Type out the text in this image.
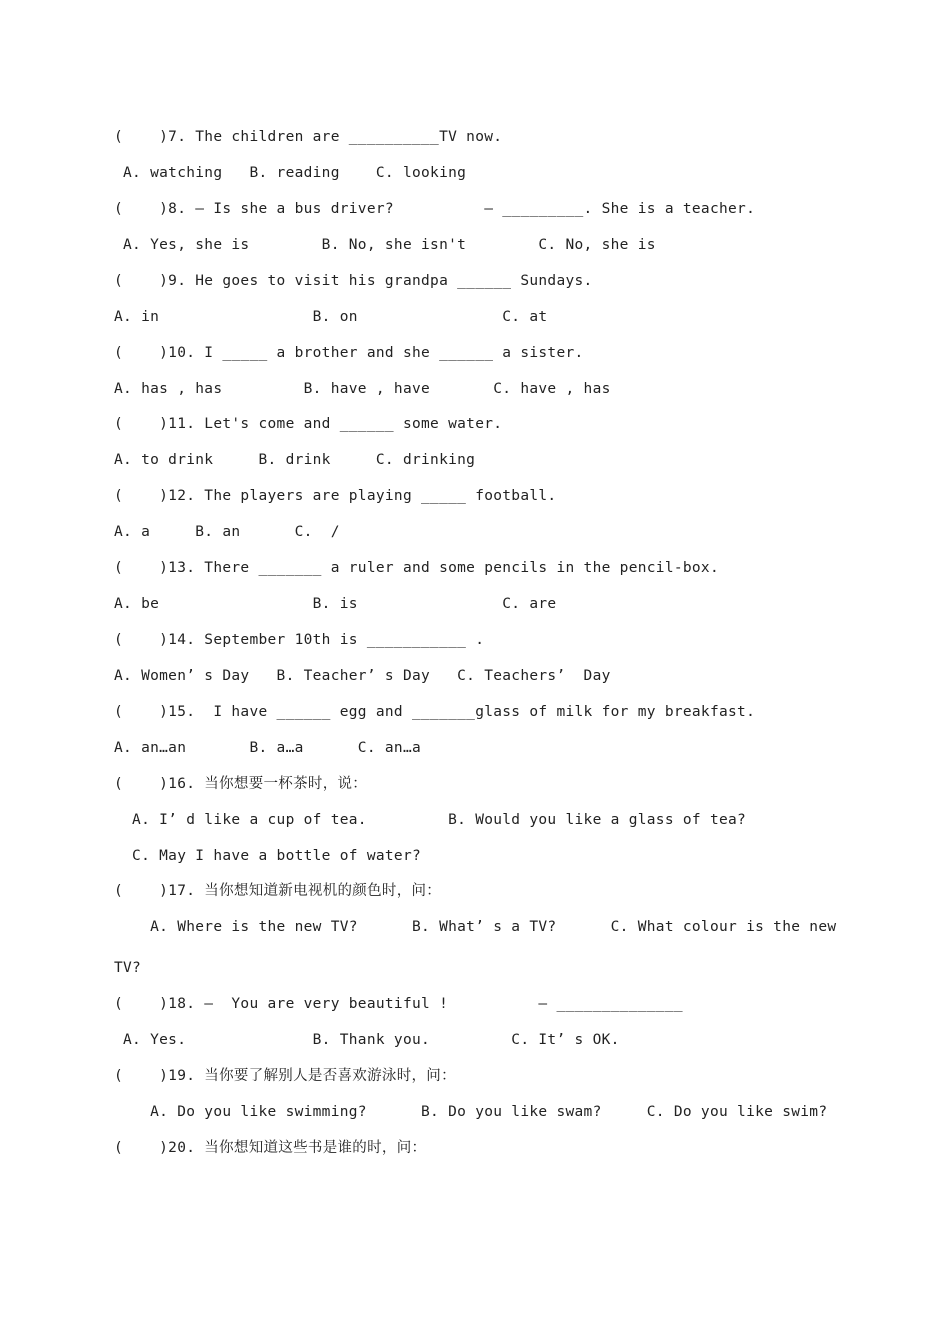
(    )7. The children are __________TV now.
A. watching   B. reading    C. looking
(    )8. — Is she a bus driver?          — _________. She is a teacher.
A. Yes, she is        B. No, she isn't        C. No, she is
(    )9. He goes to visit his grandpa ______ Sundays.
A. in                 B. on                C. at
(    )10. I _____ a brother and she ______ a sister.
A. has , has         B. have , have       C. have , has
(    )11. Let's come and ______ some water.
A. to drink     B. drink     C. drinking
(    )12. The players are playing _____ football.
A. a     B. an      C.  /
(    )13. There _______ a ruler and some pencils in the pencil-box.
A. be                 B. is                C. are
(    )14. September 10th is ___________ .
A. Women’ s Day   B. Teacher’ s Day   C. Teachers’  Day
(    )15.  I have ______ egg and _______glass of milk for my breakfast.
A. an…an       B. a…a      C. an…a
(    )16. 当你想要一杯茶时，说：
A. I’ d like a cup of tea.         B. Would you like a glass of tea?
C. May I have a bottle of water?
(    )17. 当你想知道新电视机的颜色时，问：
A. Where is the new TV?      B. What’ s a TV?      C. What colour is the new
TV?
(    )18. —  You are very beautiful !          — ______________
A. Yes.              B. Thank you.         C. It’ s OK.
(    )19. 当你要了解别人是否喜欢游泳时，问：
A. Do you like swimming?      B. Do you like swam?     C. Do you like swim?
(    )20. 当你想知道这些书是谁的时，问：
